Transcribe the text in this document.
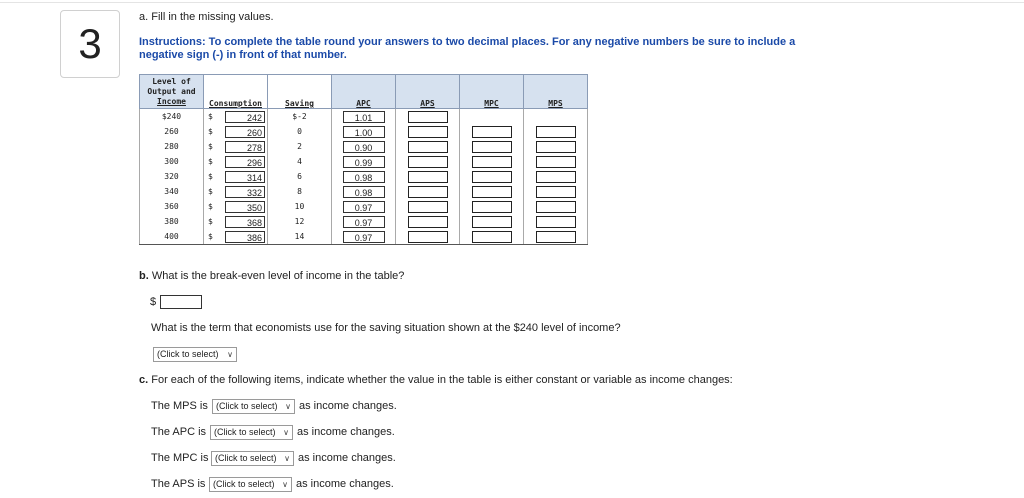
3
a. Fill in the missing values.
Instructions: To complete the table round your answers to two decimal places. For any negative numbers be sure to include a
negative sign (-) in front of that number.
Level of
Output and
Income	Consumption	Saving	APC	APS	MPC	MPS
$240	$ 242	$-2	1.01			
260	$ 260	0	1.00			
280	$ 278	2	0.90			
300	$ 296	4	0.99			
320	$ 314	6	0.98			
340	$ 332	8	0.98			
360	$ 350	10	0.97			
380	$ 368	12	0.97			
400	$ 386	14	0.97			
b. What is the break-even level of income in the table?
$
What is the term that economists use for the saving situation shown at the $240 level of income?
(Click to select) ∨
c. For each of the following items, indicate whether the value in the table is either constant or variable as income changes:
The MPS is (Click to select) ∨ as income changes.
The APC is (Click to select) ∨ as income changes.
The MPC is (Click to select) ∨ as income changes.
The APS is (Click to select) ∨ as income changes.
